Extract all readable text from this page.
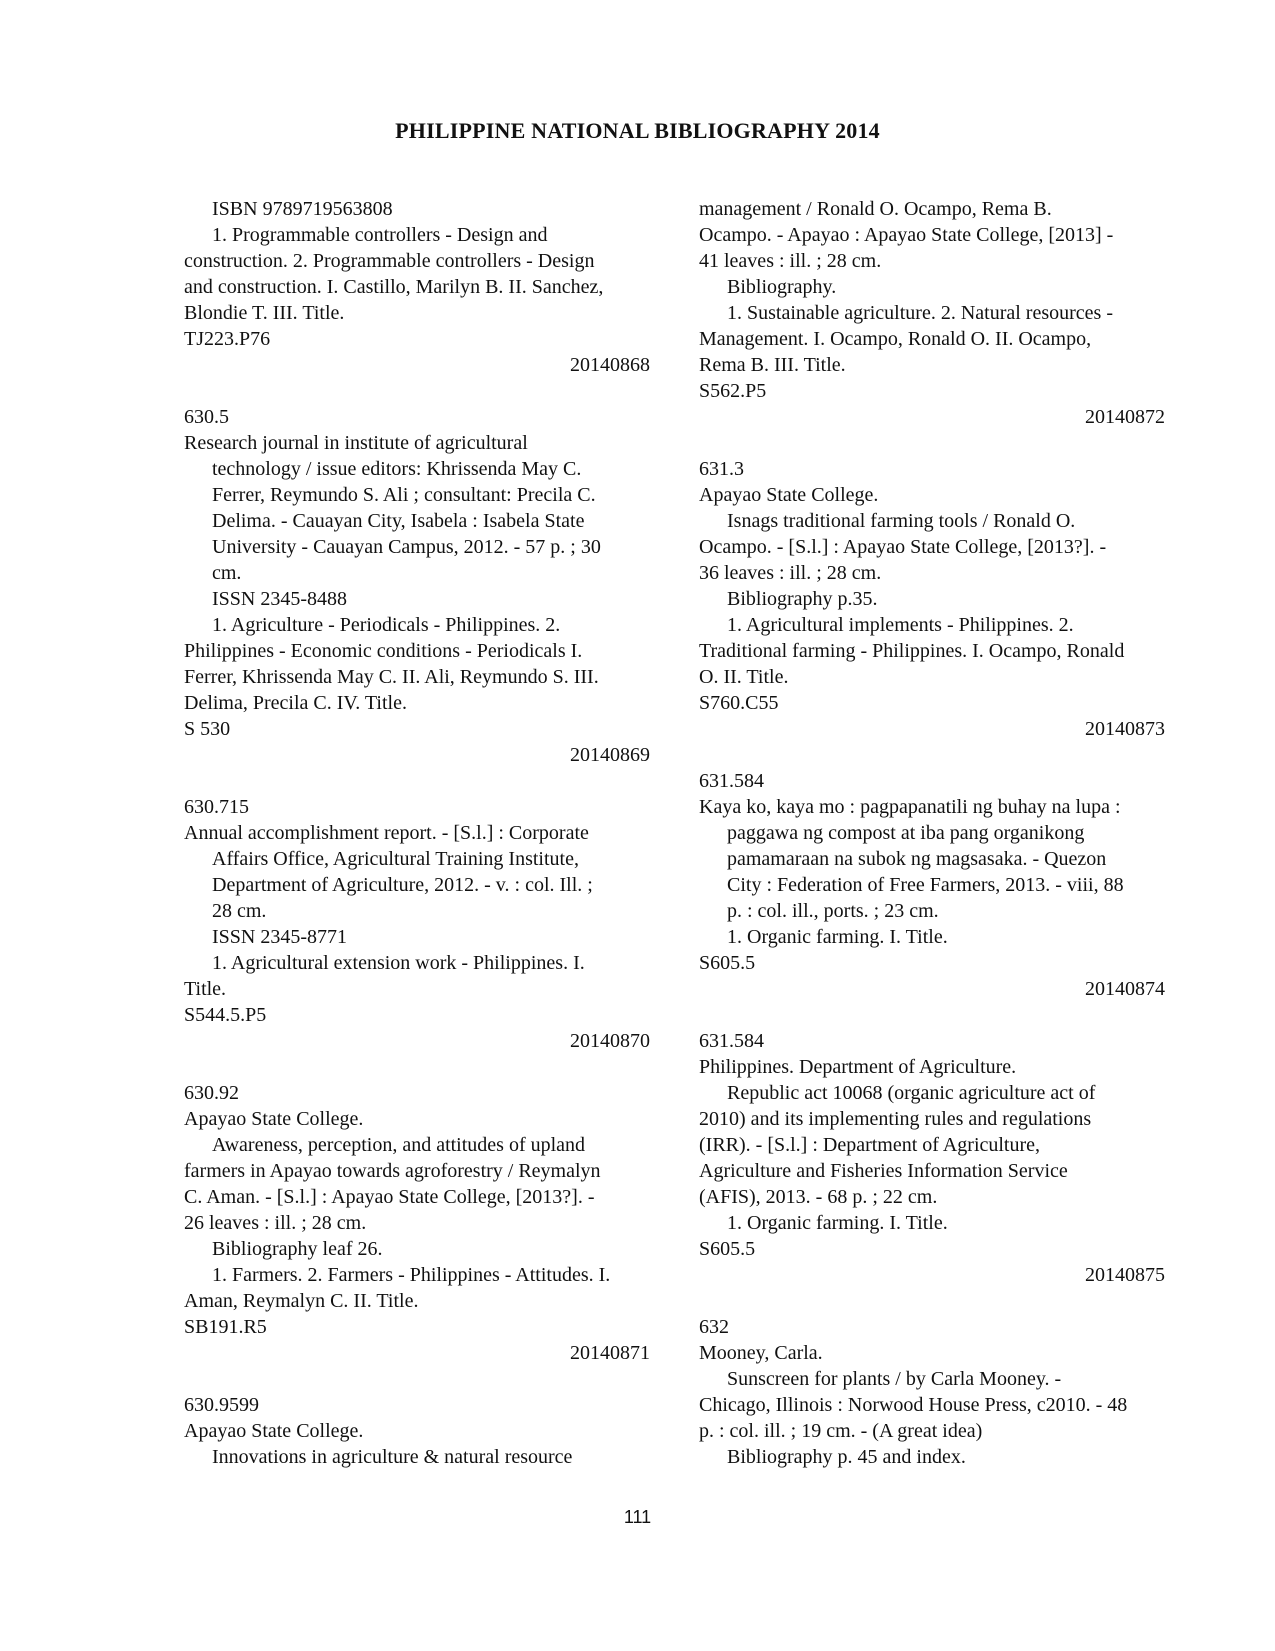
PHILIPPINE NATIONAL BIBLIOGRAPHY 2014
ISBN 9789719563808
1. Programmable controllers - Design and
construction. 2. Programmable controllers - Design
and construction. I. Castillo, Marilyn B. II. Sanchez,
Blondie T. III. Title.
TJ223.P76
20140868
630.5
Research journal in institute of agricultural
technology / issue editors: Khrissenda May C.
Ferrer, Reymundo S. Ali ; consultant: Precila C.
Delima. - Cauayan City, Isabela : Isabela State
University - Cauayan Campus, 2012. - 57 p. ; 30
cm.
ISSN 2345-8488
1. Agriculture - Periodicals - Philippines. 2.
Philippines - Economic conditions - Periodicals I.
Ferrer, Khrissenda May C. II. Ali, Reymundo S. III.
Delima, Precila C. IV. Title.
S 530
20140869
630.715
Annual accomplishment report. - [S.l.] : Corporate
Affairs Office, Agricultural Training Institute,
Department of Agriculture, 2012. - v. : col. Ill. ;
28 cm.
ISSN 2345-8771
1. Agricultural extension work - Philippines. I.
Title.
S544.5.P5
20140870
630.92
Apayao State College.
Awareness, perception, and attitudes of upland
farmers in Apayao towards agroforestry / Reymalyn
C. Aman. - [S.l.] : Apayao State College, [2013?]. -
26 leaves : ill. ; 28 cm.
Bibliography leaf 26.
1. Farmers. 2. Farmers - Philippines - Attitudes. I.
Aman, Reymalyn C. II. Title.
SB191.R5
20140871
630.9599
Apayao State College.
Innovations in agriculture & natural resource
management / Ronald O. Ocampo, Rema B.
Ocampo. - Apayao : Apayao State College, [2013] -
41 leaves : ill. ; 28 cm.
Bibliography.
1. Sustainable agriculture. 2. Natural resources -
Management. I. Ocampo, Ronald O. II. Ocampo,
Rema B. III. Title.
S562.P5
20140872
631.3
Apayao State College.
Isnags traditional farming tools / Ronald O.
Ocampo. - [S.l.] : Apayao State College, [2013?]. -
36 leaves : ill. ; 28 cm.
Bibliography p.35.
1. Agricultural implements - Philippines. 2.
Traditional farming - Philippines. I. Ocampo, Ronald
O. II. Title.
S760.C55
20140873
631.584
Kaya ko, kaya mo : pagpapanatili ng buhay na lupa :
paggawa ng compost at iba pang organikong
pamamaraan na subok ng magsasaka. - Quezon
City : Federation of Free Farmers, 2013. - viii, 88
p. : col. ill., ports. ; 23 cm.
1. Organic farming. I. Title.
S605.5
20140874
631.584
Philippines. Department of Agriculture.
Republic act 10068 (organic agriculture act of
2010) and its implementing rules and regulations
(IRR). - [S.l.] : Department of Agriculture,
Agriculture and Fisheries Information Service
(AFIS), 2013. - 68 p. ; 22 cm.
1. Organic farming. I. Title.
S605.5
20140875
632
Mooney, Carla.
Sunscreen for plants / by Carla Mooney. -
Chicago, Illinois : Norwood House Press, c2010. - 48
p. : col. ill. ; 19 cm. - (A great idea)
Bibliography p. 45 and index.
111
